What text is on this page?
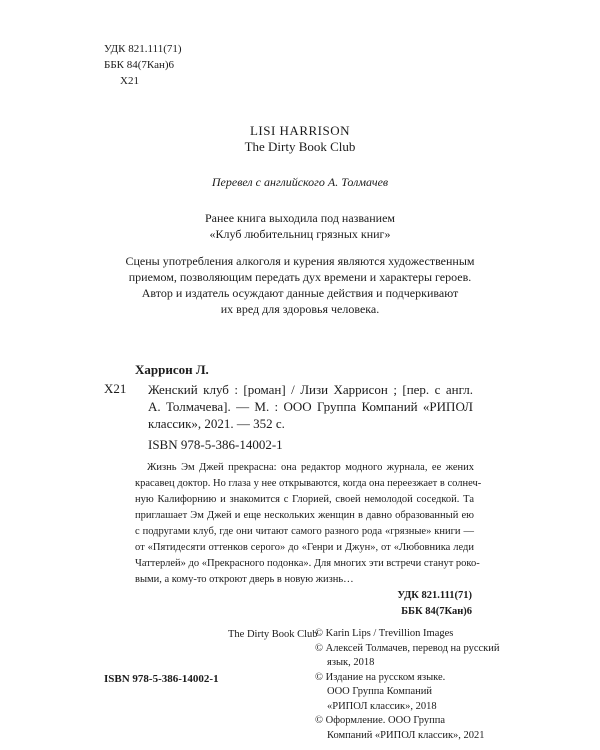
УДК 821.111(71)
ББК 84(7Кан)6
Х21
LISI HARRISON
The Dirty Book Club
Перевел с английского А. Толмачев
Ранее книга выходила под названием
«Клуб любительниц грязных книг»
Сцены употребления алкоголя и курения являются художественным
приемом, позволяющим передать дух времени и характеры героев.
Автор и издатель осуждают данные действия и подчеркивают
их вред для здоровья человека.
Харрисон Л.
Х21 Женский клуб : [роман] / Лизи Харрисон ; [пер. с англ.
А. Толмачева]. — М. : ООО Группа Компаний «РИПОЛ
классик», 2021. — 352 с.
ISBN 978-5-386-14002-1
Жизнь Эм Джей прекрасна: она редактор модного журнала, ее жених
красавец доктор. Но глаза у нее открываются, когда она переезжает в солнеч-
ную Калифорнию и знакомится с Глорией, своей немолодой соседкой. Та
приглашает Эм Джей и еще нескольких женщин в давно образованный ею
с подругами клуб, где они читают самого разного рода «грязные» книги —
от «Пятидесяти оттенков серого» до «Генри и Джун», от «Любовника леди
Чаттерлей» до «Прекрасного подонка». Для многих эти встречи станут роко-
выми, а кому-то откроют дверь в новую жизнь…
УДК 821.111(71)
ББК 84(7Кан)6
The Dirty Book Club
© Karin Lips / Trevillion Images
© Алексей Толмачев, перевод на русский
язык, 2018
© Издание на русском языке.
ООО Группа Компаний
«РИПОЛ классик», 2018
© Оформление. ООО Группа
Компаний «РИПОЛ классик», 2021
ISBN 978-5-386-14002-1
